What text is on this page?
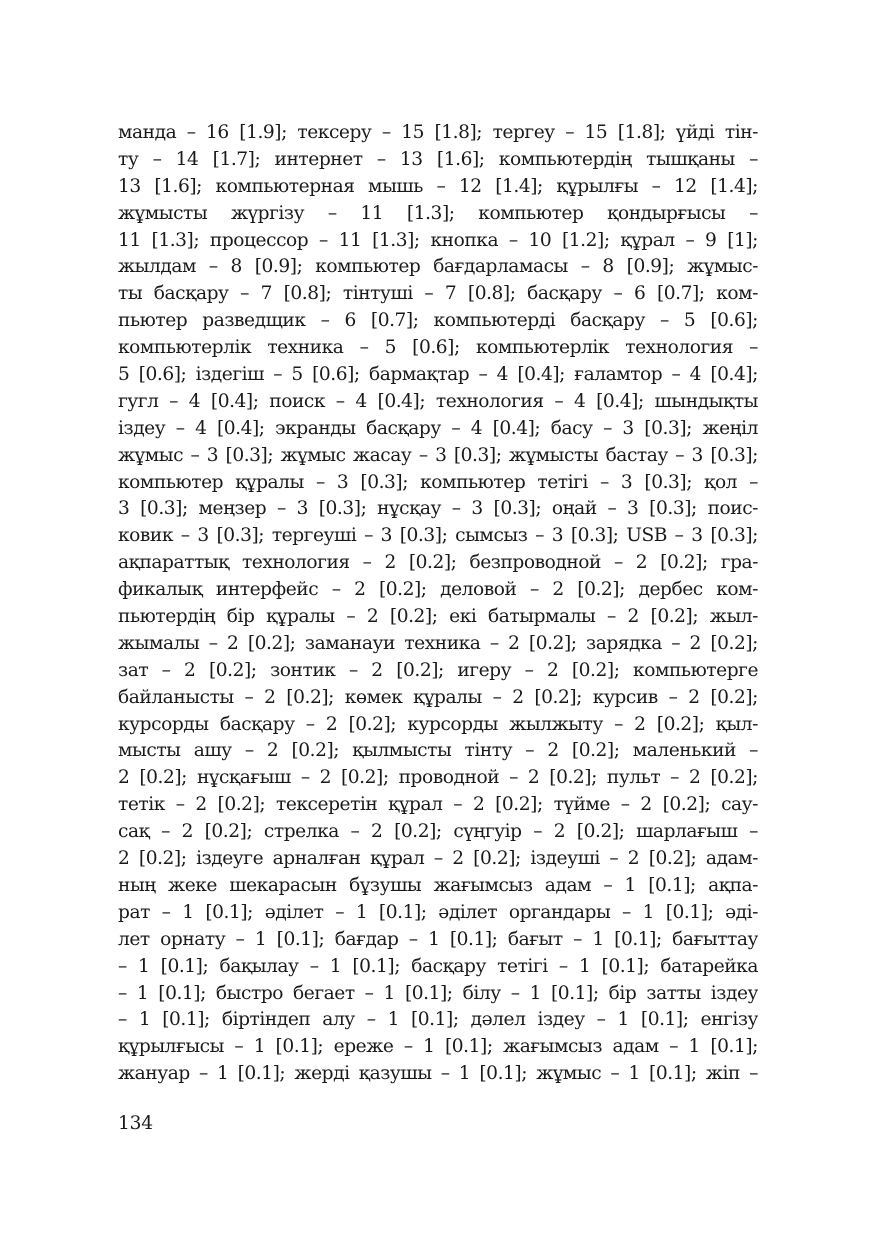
манда – 16 [1.9]; тексеру – 15 [1.8]; тергеу – 15 [1.8]; үйді тін-
ту – 14 [1.7]; интернет – 13 [1.6]; компьютердің тышқаны –
13 [1.6]; компьютерная мышь – 12 [1.4]; құрылғы – 12 [1.4];
жұмысты жүргізу – 11 [1.3]; компьютер қондырғысы –
11 [1.3]; процессор – 11 [1.3]; кнопка – 10 [1.2]; құрал – 9 [1];
жылдам – 8 [0.9]; компьютер бағдарламасы – 8 [0.9]; жұмыс-
ты басқару – 7 [0.8]; тінтуші – 7 [0.8]; басқару – 6 [0.7]; ком-
пьютер разведщик – 6 [0.7]; компьютерді басқару – 5 [0.6];
компьютерлік техника – 5 [0.6]; компьютерлік технология –
5 [0.6]; іздегіш – 5 [0.6]; бармақтар – 4 [0.4]; ғаламтор – 4 [0.4];
гугл – 4 [0.4]; поиск – 4 [0.4]; технология – 4 [0.4]; шындықты
іздеу – 4 [0.4]; экранды басқару – 4 [0.4]; басу – 3 [0.3]; жеңіл
жұмыс – 3 [0.3]; жұмыс жасау – 3 [0.3]; жұмысты бастау – 3 [0.3];
компьютер құралы – 3 [0.3]; компьютер тетігі – 3 [0.3]; қол –
3 [0.3]; меңзер – 3 [0.3]; нұсқау – 3 [0.3]; оңай – 3 [0.3]; поис-
ковик – 3 [0.3]; тергеуші – 3 [0.3]; сымсыз – 3 [0.3]; USB – 3 [0.3];
ақпараттық технология – 2 [0.2]; безпроводной – 2 [0.2]; гра-
фикалық интерфейс – 2 [0.2]; деловой – 2 [0.2]; дербес ком-
пьютердің бір құралы – 2 [0.2]; екі батырмалы – 2 [0.2]; жыл-
жымалы – 2 [0.2]; заманауи техника – 2 [0.2]; зарядка – 2 [0.2];
зат – 2 [0.2]; зонтик – 2 [0.2]; игеру – 2 [0.2]; компьютерге
байланысты – 2 [0.2]; көмек құралы – 2 [0.2]; курсив – 2 [0.2];
курсорды басқару – 2 [0.2]; курсорды жылжыту – 2 [0.2]; қыл-
мысты ашу – 2 [0.2]; қылмысты тінту – 2 [0.2]; маленький –
2 [0.2]; нұсқағыш – 2 [0.2]; проводной – 2 [0.2]; пульт – 2 [0.2];
тетік – 2 [0.2]; тексеретін құрал – 2 [0.2]; түйме – 2 [0.2]; сау-
сақ – 2 [0.2]; стрелка – 2 [0.2]; сүңгуір – 2 [0.2]; шарлағыш –
2 [0.2]; іздеуге арналған құрал – 2 [0.2]; іздеуші – 2 [0.2]; адам-
ның жеке шекарасын бұзушы жағымсыз адам – 1 [0.1]; ақпа-
рат – 1 [0.1]; әділет – 1 [0.1]; әділет органдары – 1 [0.1]; әді-
лет орнату – 1 [0.1]; бағдар – 1 [0.1]; бағыт – 1 [0.1]; бағыттау
– 1 [0.1]; бақылау – 1 [0.1]; басқару тетігі – 1 [0.1]; батарейка
– 1 [0.1]; быстро бегает – 1 [0.1]; білу – 1 [0.1]; бір затты іздеу
– 1 [0.1]; біртіндеп алу – 1 [0.1]; дәлел іздеу – 1 [0.1]; енгізу
құрылғысы – 1 [0.1]; ереже – 1 [0.1]; жағымсыз адам – 1 [0.1];
жануар – 1 [0.1]; жерді қазушы – 1 [0.1]; жұмыс – 1 [0.1]; жіп –
134
